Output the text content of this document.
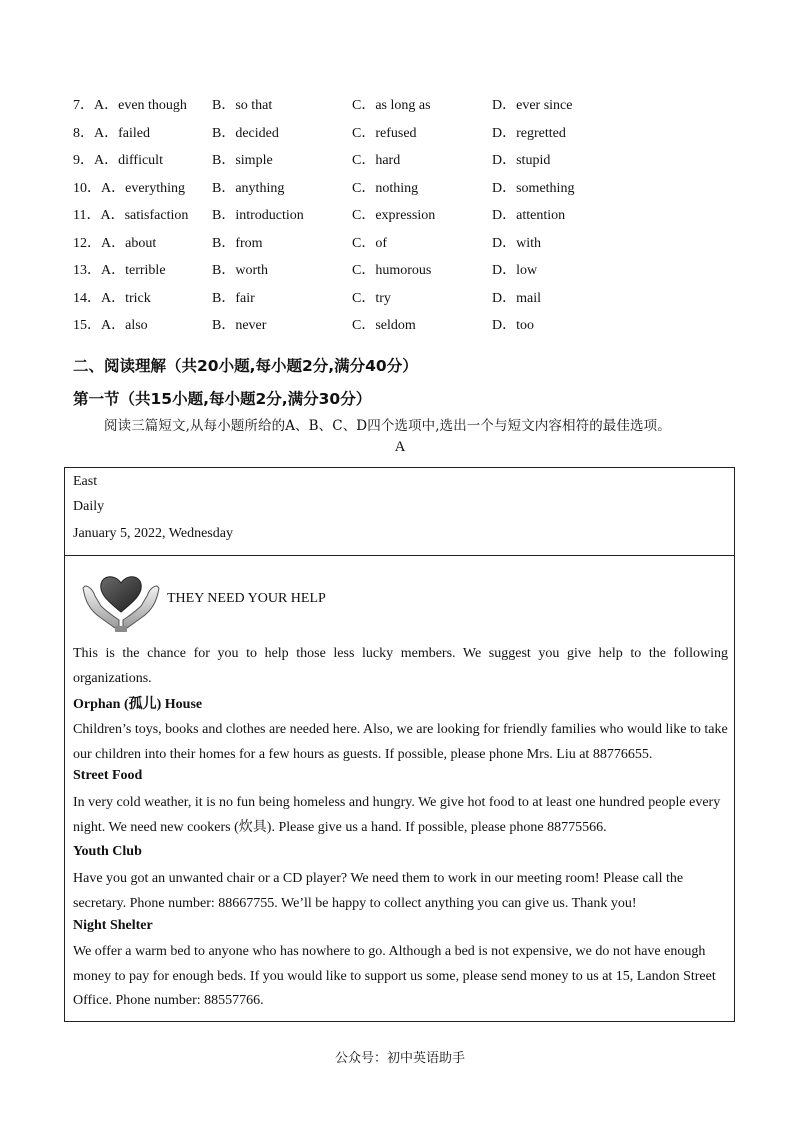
7．A．even though B．so that	C．as long as	D．ever since
8．A．failed	B．decided	C．refused	D．regretted
9．A．difficult	B．simple	C．hard	D．stupid
10．A．everything B．anything	C．nothing	D．something
11．A．satisfaction B．introduction	C．expression	D．attention
12．A．about	B．from	C．of	D．with
13．A．terrible	B．worth	C．humorous	D．low
14．A．trick	B．fair	C．try	D．mail
15．A．also	B．never	C．seldom	D．too
二、阅读理解（共20小题,每小题2分,满分40分）
第一节（共15小题,每小题2分,满分30分）
阅读三篇短文,从每小题所给的A、B、C、D四个选项中,选出一个与短文内容相符的最佳选项。
A
East
Daily
January 5, 2022, Wednesday
THEY NEED YOUR HELP
This is the chance for you to help those less lucky members. We suggest you give help to the following organizations.
Orphan (孤儿) House
Children’s toys, books and clothes are needed here. Also, we are looking for friendly families who would like to take our children into their homes for a few hours as guests. If possible, please phone Mrs. Liu at 88776655.
Street Food
In very cold weather, it is no fun being homeless and hungry. We give hot food to at least one hundred people every night. We need new cookers (炊具). Please give us a hand. If possible, please phone 88775566.
Youth Club
Have you got an unwanted chair or a CD player? We need them to work in our meeting room! Please call the secretary. Phone number: 88667755. We’ll be happy to collect anything you can give us. Thank you!
Night Shelter
We offer a warm bed to anyone who has nowhere to go. Although a bed is not expensive, we do not have enough money to pay for enough beds. If you would like to support us some, please send money to us at 15, Landon Street Office. Phone number: 88557766.
公众号：初中英语助手
